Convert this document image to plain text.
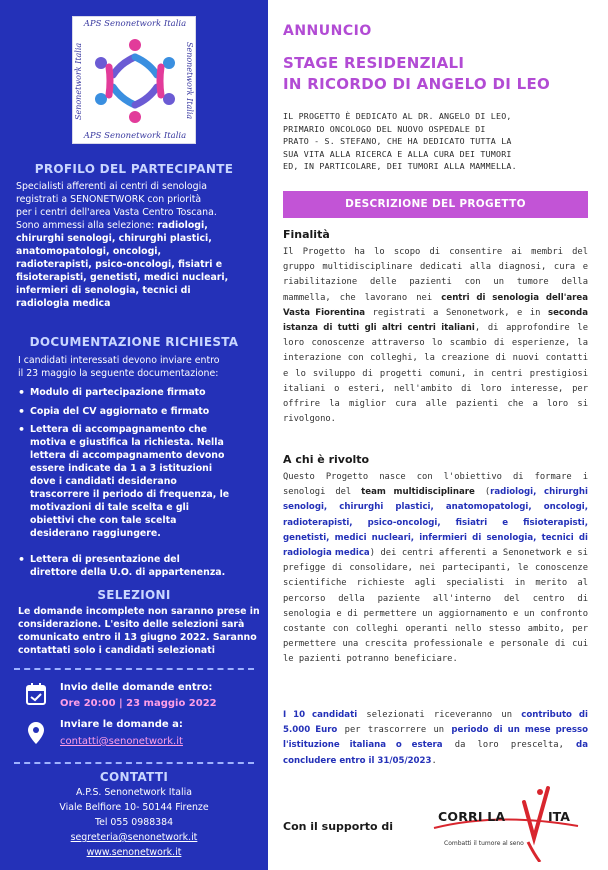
APS Senonetwork Italia
Senonetwork Italia	Senonetwork Italia
APS Senonetwork Italia
PROFILO DEL PARTECIPANTE
Specialisti afferenti ai centri di senologia
registrati a SENONETWORK con priorità
per i centri dell'area Vasta Centro Toscana.
Sono ammessi alla selezione: radiologi,
chirurghi senologi, chirurghi plastici,
anatomopatologi, oncologi,
radioterapisti, psico-oncologi, fisiatri e
fisioterapisti, genetisti, medici nucleari,
infermieri di senologia, tecnici di
radiologia medica
DOCUMENTAZIONE RICHIESTA
I candidati interessati devono inviare entro
il 23 maggio la seguente documentazione:
• Modulo di partecipazione firmato
• Copia del CV aggiornato e firmato
• Lettera di accompagnamento che
motiva e giustifica la richiesta. Nella
lettera di accompagnamento devono
essere indicate da 1 a 3 istituzioni
dove i candidati desiderano
trascorrere il periodo di frequenza, le
motivazioni di tale scelta e gli
obiettivi che con tale scelta
desiderano raggiungere.
• Lettera di presentazione del
direttore della U.O. di appartenenza.
SELEZIONI
Le domande incomplete non saranno prese in
considerazione. L'esito delle selezioni sarà
comunicato entro il 13 giugno 2022. Saranno
contattati solo i candidati selezionati
Invio delle domande entro:
Ore 20:00 | 23 maggio 2022
Inviare le domande a:
contatti@senonetwork.it
CONTATTI
A.P.S. Senonetwork Italia
Viale Belfiore 10- 50144 Firenze
Tel 055 0988384
segreteria@senonetwork.it
www.senonetwork.it
ANNUNCIO
STAGE RESIDENZIALI
IN RICORDO DI ANGELO DI LEO
IL PROGETTO È DEDICATO AL DR. ANGELO DI LEO,
PRIMARIO ONCOLOGO DEL NUOVO OSPEDALE DI
PRATO - S. STEFANO, CHE HA DEDICATO TUTTA LA
SUA VITA ALLA RICERCA E ALLA CURA DEI TUMORI
ED, IN PARTICOLARE, DEI TUMORI ALLA MAMMELLA.
DESCRIZIONE DEL PROGETTO
Finalità
Il Progetto ha lo scopo di consentire ai membri del gruppo multidisciplinare dedicati alla diagnosi, cura e riabilitazione delle pazienti con un tumore della mammella, che lavorano nei centri di senologia dell'area Vasta Fiorentina registrati a Senonetwork, e in seconda istanza di tutti gli altri centri italiani, di approfondire le loro conoscenze attraverso lo scambio di esperienze, la interazione con colleghi, la creazione di nuovi contatti e lo sviluppo di progetti comuni, in centri prestigiosi italiani o esteri, nell'ambito di loro interesse, per offrire la miglior cura alle pazienti che a loro si rivolgono.
A chi è rivolto
Questo Progetto nasce con l'obiettivo di formare i senologi del team multidisciplinare (radiologi, chirurghi senologi, chirurghi plastici, anatomopatologi, oncologi, radioterapisti, psico-oncologi, fisiatri e fisioterapisti, genetisti, medici nucleari, infermieri di senologia, tecnici di radiologia medica) dei centri afferenti a Senonetwork e si prefigge di consolidare, nei partecipanti, le conoscenze scientifiche richieste agli specialisti in merito al percorso della paziente all'interno del centro di senologia e di permettere un aggiornamento e un confronto costante con colleghi operanti nello stesso ambito, per permettere una crescita professionale e personale di cui le pazienti potranno beneficiare.
I 10 candidati selezionati riceveranno un contributo di 5.000 Euro per trascorrere un periodo di un mese presso l'istituzione italiana o estera da loro prescelta, da concludere entro il 31/05/2023.
Con il supporto di
CORRI LA	ITA
Combatti il tumore al seno
